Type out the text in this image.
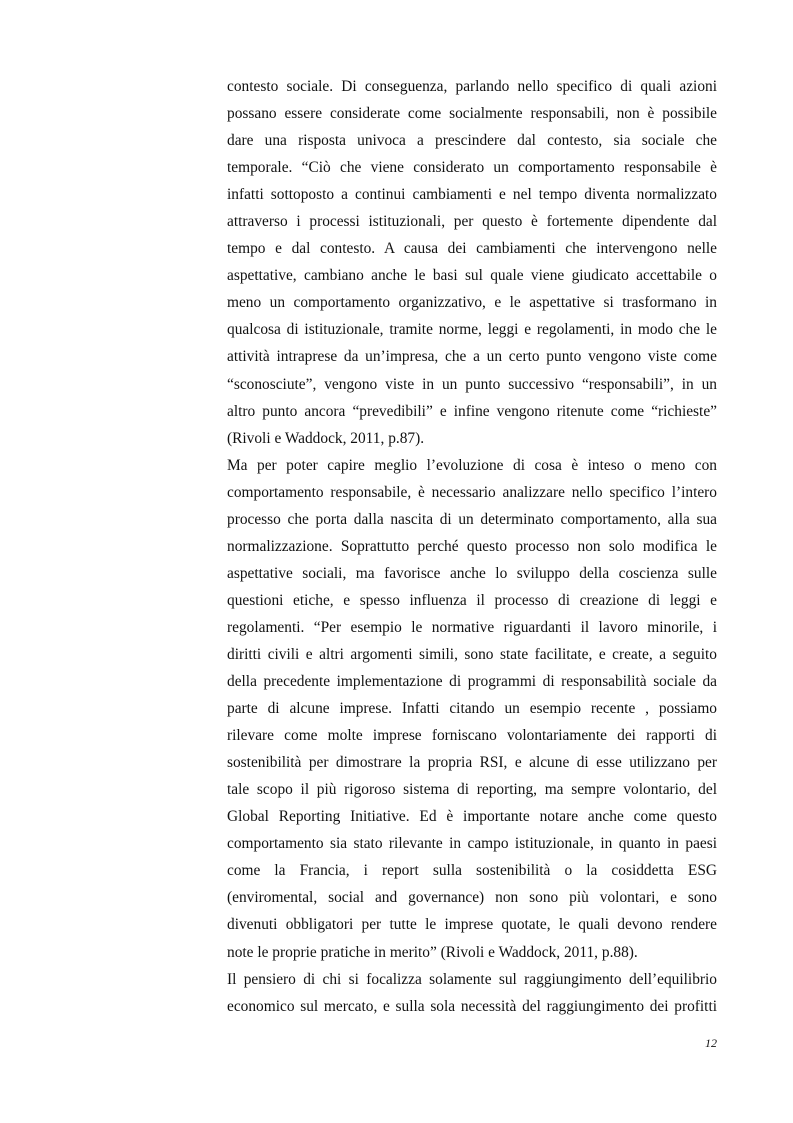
contesto sociale. Di conseguenza, parlando nello specifico di quali azioni
possano essere considerate come socialmente responsabili, non è possibile
dare una risposta univoca a prescindere dal contesto, sia sociale che
temporale. “Ciò che viene considerato un comportamento responsabile è
infatti sottoposto a continui cambiamenti e nel tempo diventa normalizzato
attraverso i processi istituzionali, per questo è fortemente dipendente dal
tempo e dal contesto. A causa dei cambiamenti che intervengono nelle
aspettative, cambiano anche le basi sul quale viene giudicato accettabile o
meno un comportamento organizzativo, e le aspettative si trasformano in
qualcosa di istituzionale, tramite norme, leggi e regolamenti, in modo che le
attività intraprese da un’impresa, che a un certo punto vengono viste come
“sconosciute”, vengono viste in un punto successivo “responsabili”, in un
altro punto ancora “prevedibili” e infine vengono ritenute come “richieste”
(Rivoli e Waddock, 2011, p.87).
Ma per poter capire meglio l’evoluzione di cosa è inteso o meno con
comportamento responsabile, è necessario analizzare nello specifico l’intero
processo che porta dalla nascita di un determinato comportamento, alla sua
normalizzazione. Soprattutto perché questo processo non solo modifica le
aspettative sociali, ma favorisce anche lo sviluppo della coscienza sulle
questioni etiche, e spesso influenza il processo di creazione di leggi e
regolamenti. “Per esempio le normative riguardanti il lavoro minorile, i
diritti civili e altri argomenti simili, sono state facilitate, e create, a seguito
della precedente implementazione di programmi di responsabilità sociale da
parte di alcune imprese. Infatti citando un esempio recente , possiamo
rilevare come molte imprese forniscano volontariamente dei rapporti di
sostenibilità per dimostrare la propria RSI, e alcune di esse utilizzano per
tale scopo il più rigoroso sistema di reporting, ma sempre volontario, del
Global Reporting Initiative. Ed è importante notare anche come questo
comportamento sia stato rilevante in campo istituzionale, in quanto in paesi
come la Francia, i report sulla sostenibilità o la cosiddetta ESG
(enviromental, social and governance) non sono più volontari, e sono
divenuti obbligatori per tutte le imprese quotate, le quali devono rendere
note le proprie pratiche in merito” (Rivoli e Waddock, 2011, p.88).
Il pensiero di chi si focalizza solamente sul raggiungimento dell’equilibrio
economico sul mercato, e sulla sola necessità del raggiungimento dei profitti
12
